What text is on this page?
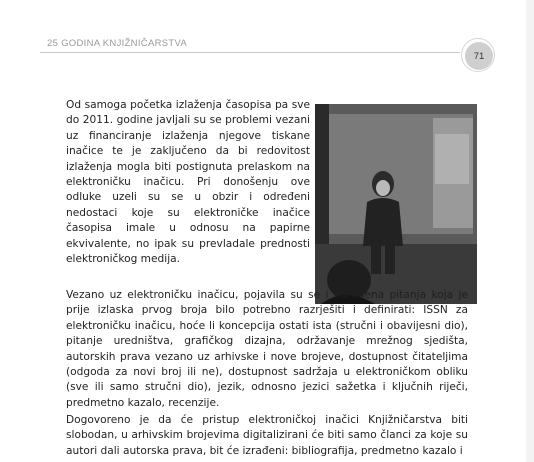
25 GODINA KNJIŽNIČARSTVA
71
Od samoga početka izlaženja časopisa pa sve do 2011. godine javljali su se problemi vezani uz financiranje izlaženja njegove tiskane inačice te je zaključeno da bi redovitost izlaženja mogla biti postignuta prelaskom na elektroničku inačicu. Pri donošenju ove odluke uzeli su se u obzir i određeni nedostaci koje su elektroničke inačice časopisa imale u odnosu na papirne ekvivalente, no ipak su prevladale prednosti elektroničkog medija.
Vezano uz elektroničku inačicu, pojavila su se i određena pitanja koja je prije izlaska prvog broja bilo potrebno razrješiti i definirati: ISSN za elektroničku inačicu, hoće li koncepcija ostati ista (stručni i obavijesni dio), pitanje uredništva, grafičkog dizajna, održavanje mrežnog sjedišta, autorskih prava vezano uz arhivske i nove brojeve, dostupnost čitateljima (odgoda za novi broj ili ne), dostupnost sadržaja u elektroničkom obliku (sve ili samo stručni dio), jezik, odnosno jezici sažetka i ključnih riječi, predmetno kazalo, recenzije.
Dogovoreno je da će pristup elektroničkoj inačici Knjižničarstva biti slobodan, u arhivskim brojevima digitalizirani će biti samo članci za koje su autori dali autorska prava, bit će izrađeni: bibliografija, predmetno kazalo i
